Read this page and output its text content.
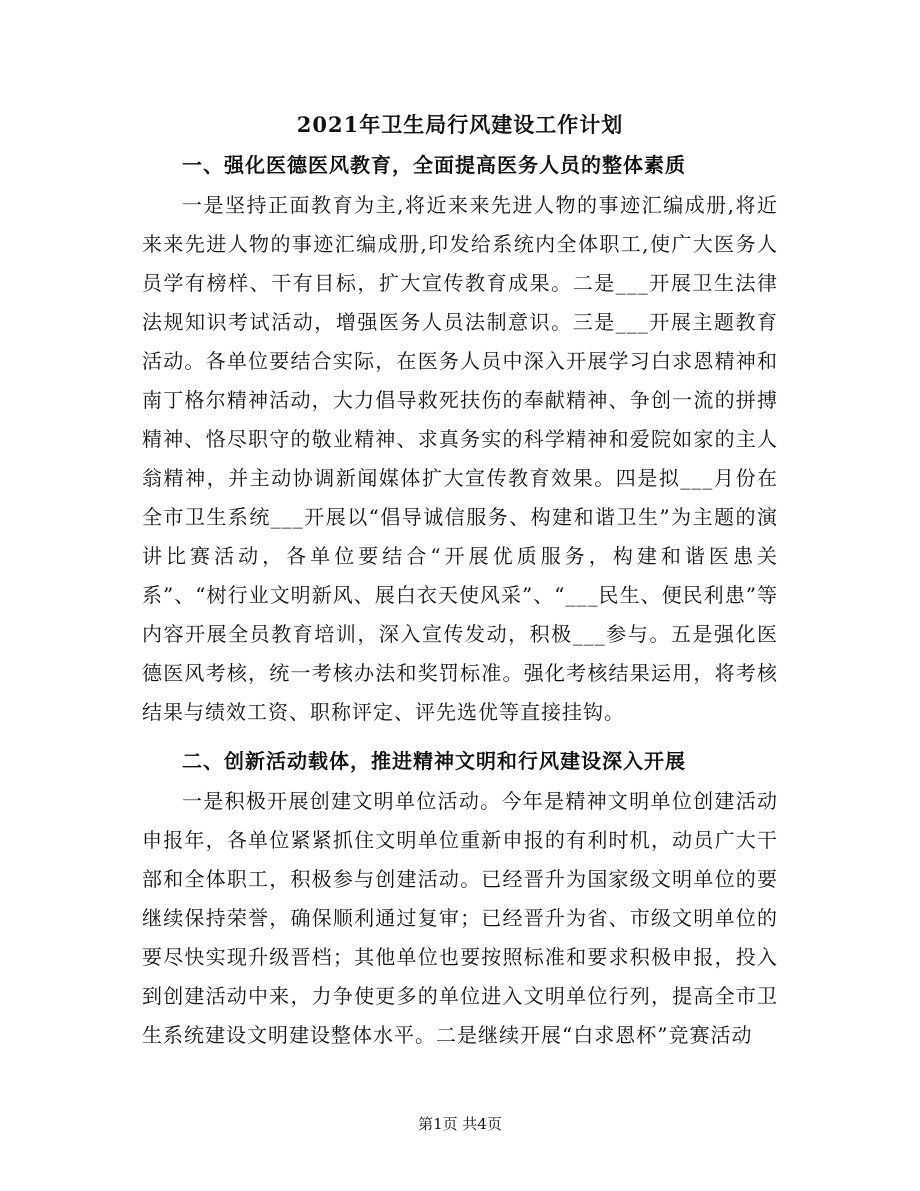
2021年卫生局行风建设工作计划
一、强化医德医风教育，全面提高医务人员的整体素质

一是坚持正面教育为主,将近来来先进人物的事迹汇编成册,将近来来先进人物的事迹汇编成册,印发给系统内全体职工,使广大医务人员学有榜样、干有目标，扩大宣传教育成果。二是___开展卫生法律法规知识考试活动，增强医务人员法制意识。三是___开展主题教育活动。各单位要结合实际，在医务人员中深入开展学习白求恩精神和南丁格尔精神活动，大力倡导救死扶伤的奉献精神、争创一流的拼搏精神、恪尽职守的敬业精神、求真务实的科学精神和爱院如家的主人翁精神，并主动协调新闻媒体扩大宣传教育效果。四是拟___月份在全市卫生系统___开展以“倡导诚信服务、构建和谐卫生”为主题的演讲比赛活动，各单位要结合“开展优质服务，构建和谐医患关系”、“树行业文明新风、展白衣天使风采”、“___民生、便民利患”等内容开展全员教育培训，深入宣传发动，积极___参与。五是强化医德医风考核，统一考核办法和奖罚标准。强化考核结果运用，将考核结果与绩效工资、职称评定、评先选优等直接挂钩。

二、创新活动载体，推进精神文明和行风建设深入开展

一是积极开展创建文明单位活动。今年是精神文明单位创建活动申报年，各单位紧紧抓住文明单位重新申报的有利时机，动员广大干部和全体职工，积极参与创建活动。已经晋升为国家级文明单位的要继续保持荣誉，确保顺利通过复审；已经晋升为省、市级文明单位的要尽快实现升级晋档；其他单位也要按照标准和要求积极申报，投入到创建活动中来，力争使更多的单位进入文明单位行列，提高全市卫生系统建设文明建设整体水平。二是继续开展“白求恩杯”竞赛活动

第1页 共4页
